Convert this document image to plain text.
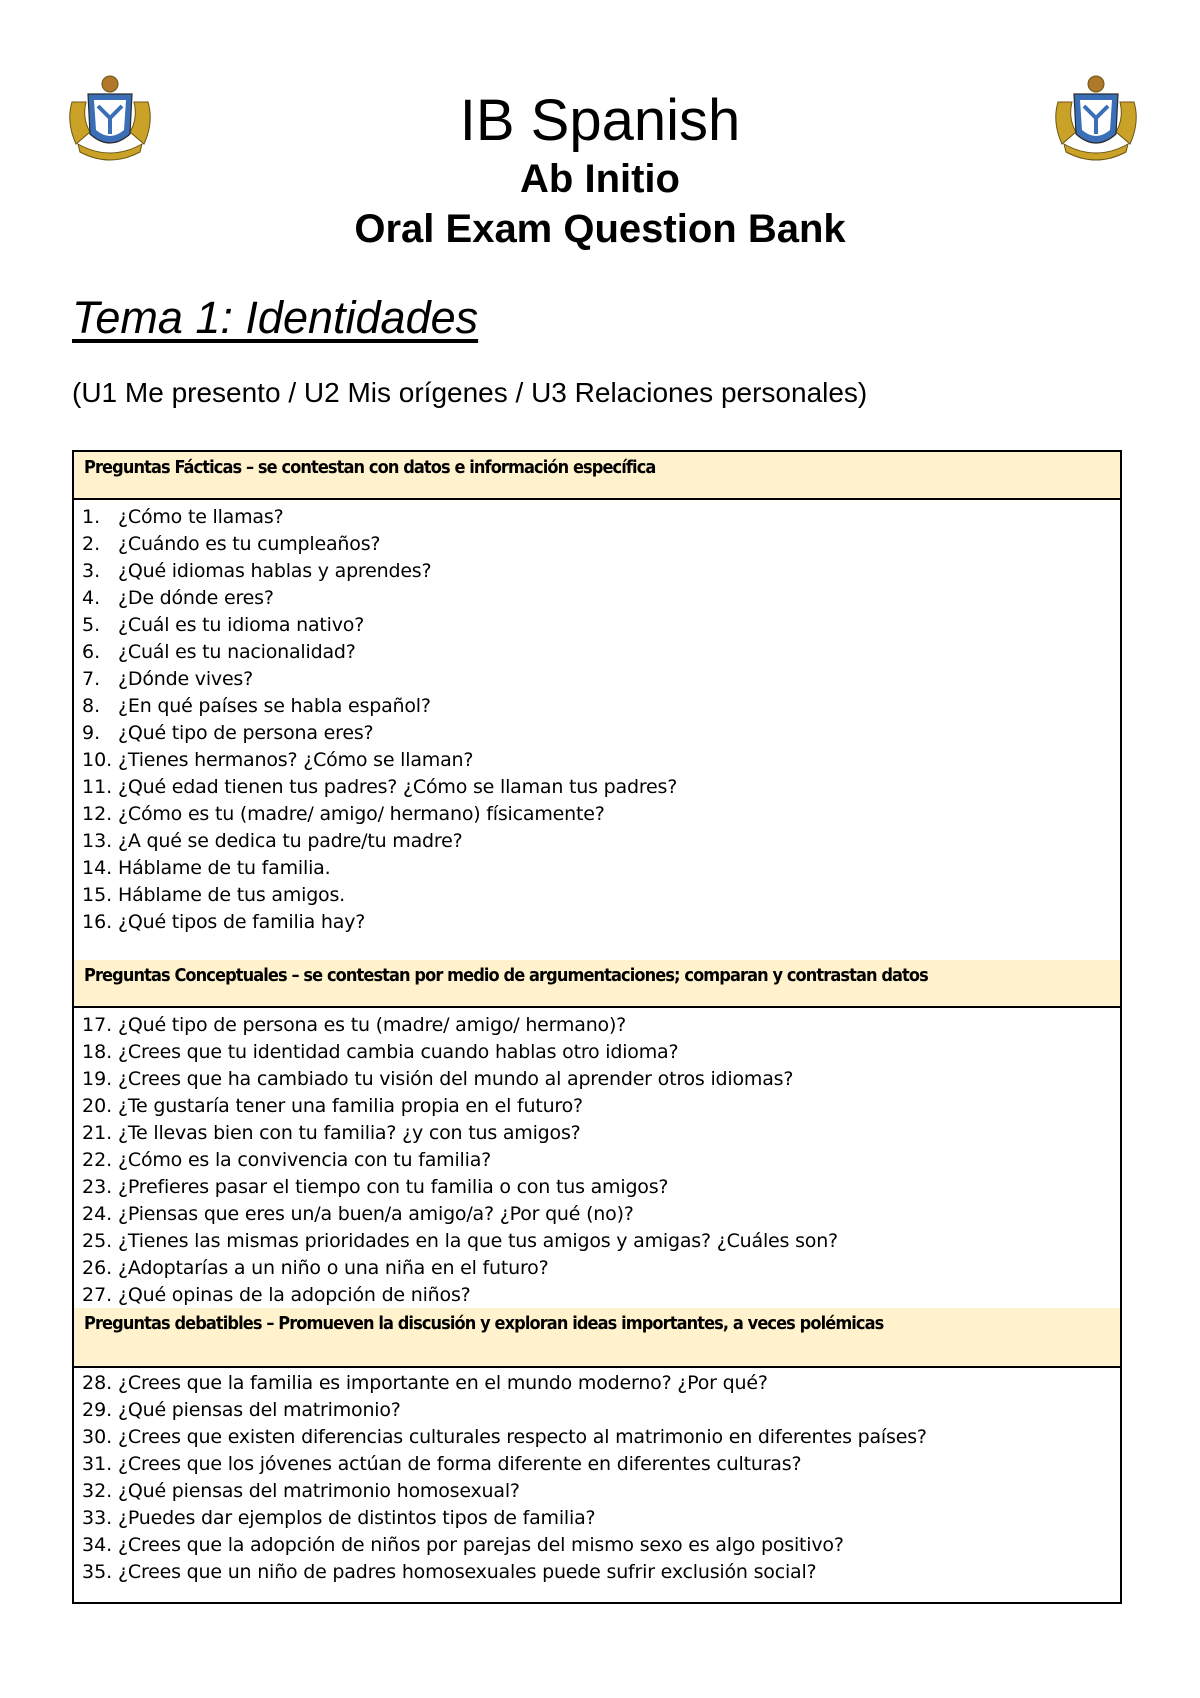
IB Spanish
Ab Initio
Oral Exam Question Bank
Tema 1: Identidades
(U1 Me presento / U2 Mis orígenes / U3 Relaciones personales)
Preguntas Fácticas – se contestan con datos e información específica
1. ¿Cómo te llamas?
2. ¿Cuándo es tu cumpleaños?
3. ¿Qué idiomas hablas y aprendes?
4. ¿De dónde eres?
5. ¿Cuál es tu idioma nativo?
6. ¿Cuál es tu nacionalidad?
7. ¿Dónde vives?
8. ¿En qué países se habla español?
9. ¿Qué tipo de persona eres?
10. ¿Tienes hermanos? ¿Cómo se llaman?
11. ¿Qué edad tienen tus padres? ¿Cómo se llaman tus padres?
12. ¿Cómo es tu (madre/ amigo/ hermano) físicamente?
13. ¿A qué se dedica tu padre/tu madre?
14. Háblame de tu familia.
15. Háblame de tus amigos.
16. ¿Qué tipos de familia hay?
Preguntas Conceptuales – se contestan por medio de argumentaciones; comparan y contrastan datos
17. ¿Qué tipo de persona es tu (madre/ amigo/ hermano)?
18. ¿Crees que tu identidad cambia cuando hablas otro idioma?
19. ¿Crees que ha cambiado tu visión del mundo al aprender otros idiomas?
20. ¿Te gustaría tener una familia propia en el futuro?
21. ¿Te llevas bien con tu familia? ¿y con tus amigos?
22. ¿Cómo es la convivencia con tu familia?
23. ¿Prefieres pasar el tiempo con tu familia o con tus amigos?
24. ¿Piensas que eres un/a buen/a amigo/a? ¿Por qué (no)?
25. ¿Tienes las mismas prioridades en la que tus amigos y amigas? ¿Cuáles son?
26. ¿Adoptarías a un niño o una niña en el futuro?
27. ¿Qué opinas de la adopción de niños?
Preguntas debatibles – Promueven la discusión y exploran ideas importantes, a veces polémicas
28. ¿Crees que la familia es importante en el mundo moderno? ¿Por qué?
29. ¿Qué piensas del matrimonio?
30. ¿Crees que existen diferencias culturales respecto al matrimonio en diferentes países?
31. ¿Crees que los jóvenes actúan de forma diferente en diferentes culturas?
32. ¿Qué piensas del matrimonio homosexual?
33. ¿Puedes dar ejemplos de distintos tipos de familia?
34. ¿Crees que la adopción de niños por parejas del mismo sexo es algo positivo?
35. ¿Crees que un niño de padres homosexuales puede sufrir exclusión social?
